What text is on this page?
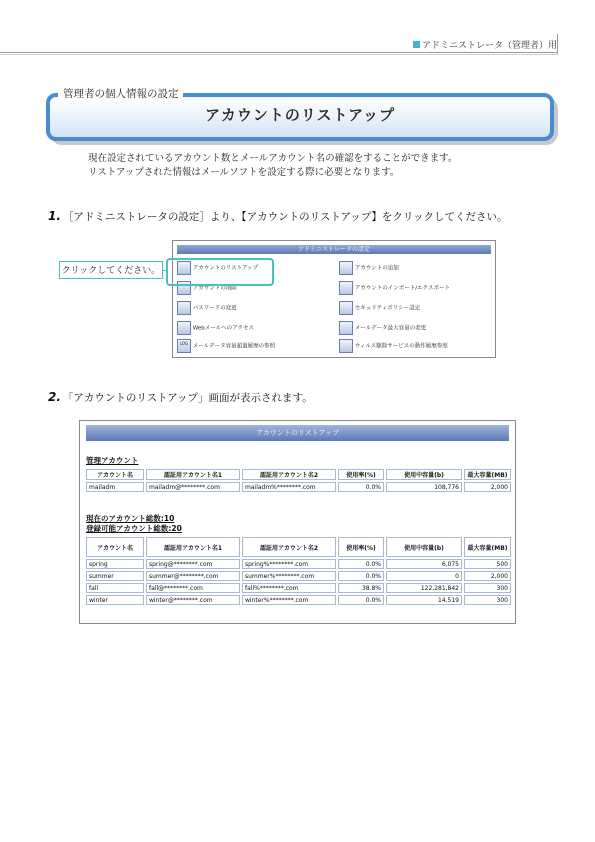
アドミニストレータ（管理者）用
管理者の個人情報の設定
アカウントのリストアップ
現在設定されているアカウント数とメールアカウント名の確認をすることができます。
リストアップされた情報はメールソフトを設定する際に必要となります。
1. ［アドミニストレータの設定］より、【アカウントのリストアップ】をクリックしてください。
アドミニストレータの設定
アカウントのリストアップ
アカウントの削除
パスワードの変更
Webメールへのアクセス
LOG メールデータ容量超過履歴の参照
アカウントの追加
アカウントのインポート/エクスポート
セキュリティポリシー設定
メールデータ最大容量の変更
ウィルス駆除サービスの動作履歴参照
クリックしてください。
2. 「アカウントのリストアップ」画面が表示されます。
アカウントのリストアップ
管理アカウント
アカウント名	認証用アカウント名1	認証用アカウント名2	使用率(%)	使用中容量(b)	最大容量(MB)
mailadm	mailadm@********.com	mailadm%********.com	0.0%	108,776	2,000
現在のアカウント総数:10
登録可能アカウント総数:20
アカウント名	認証用アカウント名1	認証用アカウント名2	使用率(%)	使用中容量(b)	最大容量(MB)
spring	spring@********.com	spring%********.com	0.0%	6,075	500
summer	summer@********.com	summer%********.com	0.0%	0	2,000
fall	fall@********.com	fall%********.com	38.8%	122,281,842	300
winter	winter@********.com	winter%********.com	0.0%	14,519	300
